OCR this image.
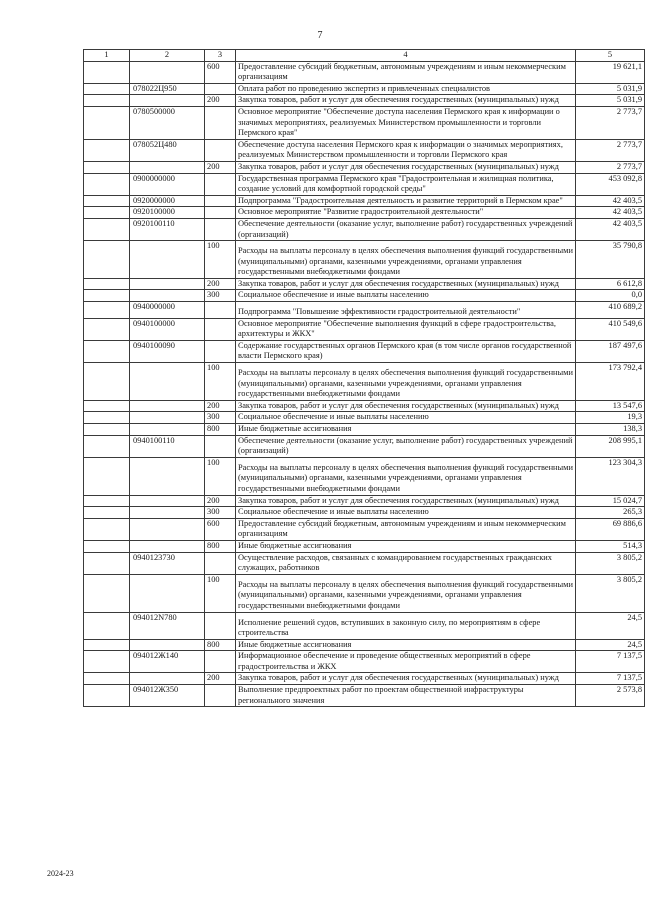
7
1	2	3	4	5
		600	Предоставление субсидий бюджетным, автономным учреждениям и иным некоммерческим организациям	19 621,1
	078022Ц950		Оплата работ по проведению экспертиз и привлеченных специалистов	5 031,9
		200	Закупка товаров, работ и услуг для обеспечения государственных (муниципальных) нужд	5 031,9
	0780500000		Основное мероприятие "Обеспечение доступа населения Пермского края к информации о значимых мероприятиях, реализуемых Министерством промышленности и торговли Пермского края"	2 773,7
	078052Ц480		Обеспечение доступа населения Пермского края к информации о значимых мероприятиях, реализуемых Министерством промышленности и торговли Пермского края	2 773,7
		200	Закупка товаров, работ и услуг для обеспечения государственных (муниципальных) нужд	2 773,7
	0900000000		Государственная программа Пермского края "Градостроительная и жилищная политика, создание условий для комфортной городской среды"	453 092,8
	0920000000		Подпрограмма "Градостроительная деятельность и развитие территорий в Пермском крае"	42 403,5
	0920100000		Основное мероприятие "Развитие градостроительной деятельности"	42 403,5
	0920100110		Обеспечение деятельности (оказание услуг, выполнение работ) государственных учреждений (организаций)	42 403,5
		100	Расходы на выплаты персоналу в целях обеспечения выполнения функций государственными (муниципальными) органами, казенными учреждениями, органами управления государственными внебюджетными фондами	35 790,8
		200	Закупка товаров, работ и услуг для обеспечения государственных (муниципальных) нужд	6 612,8
		300	Социальное обеспечение и иные выплаты населению	0,0
	0940000000		Подпрограмма "Повышение эффективности градостроительной деятельности"	410 689,2
	0940100000		Основное мероприятие "Обеспечение выполнения функций в сфере градостроительства, архитектуры и ЖКХ"	410 549,6
	0940100090		Содержание государственных органов Пермского края (в том числе органов государственной власти Пермского края)	187 497,6
		100	Расходы на выплаты персоналу в целях обеспечения выполнения функций государственными (муниципальными) органами, казенными учреждениями, органами управления государственными внебюджетными фондами	173 792,4
		200	Закупка товаров, работ и услуг для обеспечения государственных (муниципальных) нужд	13 547,6
		300	Социальное обеспечение и иные выплаты населению	19,3
		800	Иные бюджетные ассигнования	138,3
	0940100110		Обеспечение деятельности (оказание услуг, выполнение работ) государственных учреждений (организаций)	208 995,1
		100	Расходы на выплаты персоналу в целях обеспечения выполнения функций государственными (муниципальными) органами, казенными учреждениями, органами управления государственными внебюджетными фондами	123 304,3
		200	Закупка товаров, работ и услуг для обеспечения государственных (муниципальных) нужд	15 024,7
		300	Социальное обеспечение и иные выплаты населению	265,3
		600	Предоставление субсидий бюджетным, автономным учреждениям и иным некоммерческим организациям	69 886,6
		800	Иные бюджетные ассигнования	514,3
	0940123730		Осуществление расходов, связанных с командированием государственных гражданских служащих, работников	3 805,2
		100	Расходы на выплаты персоналу в целях обеспечения выполнения функций государственными (муниципальными) органами, казенными учреждениями, органами управления государственными внебюджетными фондами	3 805,2
	094012N780		Исполнение решений судов, вступивших в законную силу, по мероприятиям в сфере строительства	24,5
		800	Иные бюджетные ассигнования	24,5
	094012Ж140		Информационное обеспечение и проведение общественных мероприятий в сфере градостроительства и ЖКХ	7 137,5
		200	Закупка товаров, работ и услуг для обеспечения государственных (муниципальных) нужд	7 137,5
	094012Ж350		Выполнение предпроектных работ по проектам общественной инфраструктуры регионального значения	2 573,8
2024-23
